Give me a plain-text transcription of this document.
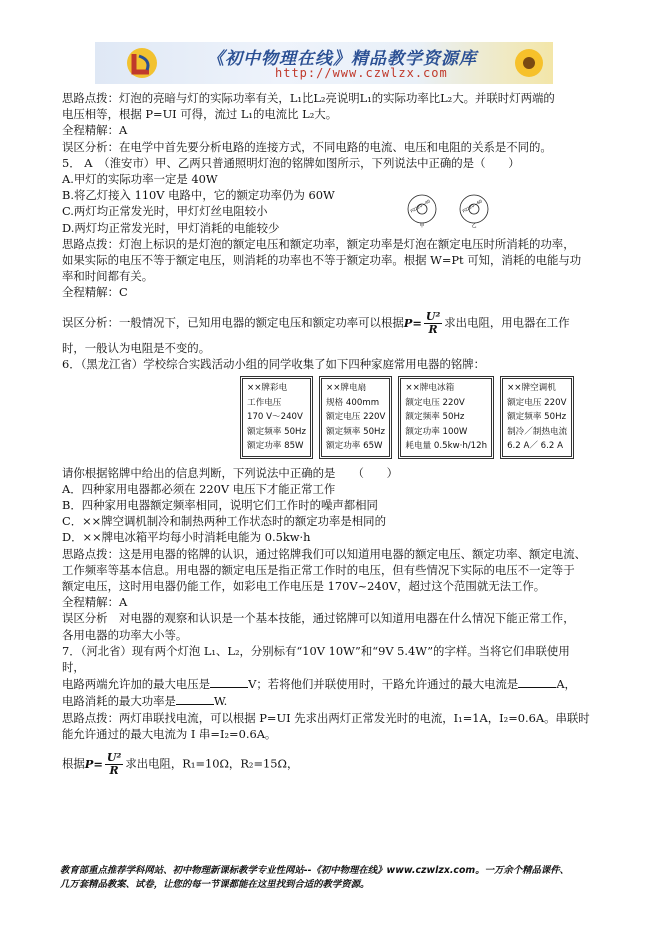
《初中物理在线》精品教学资源库
http://www.czwlzx.com
PZ220—40
甲
PZ220—60
乙

思路点拨：灯泡的亮暗与灯的实际功率有关，L₁比L₂亮说明L₁的实际功率比L₂大。并联时灯两端的

电压相等，根据 P=UI 可得，流过 L₁的电流比 L₂大。

全程精解：A

误区分析：在电学中首先要分析电路的连接方式，不同电路的电流、电压和电阻的关系是不同的。

5． A　（淮安市）甲、乙两只普通照明灯泡的铭牌如图所示，下列说法中正确的是（　　）

A.甲灯的实际功率一定是 40W

B.将乙灯接入 110V 电路中，它的额定功率仍为 60W

C.两灯均正常发光时，甲灯灯丝电阻较小

D.两灯均正常发光时，甲灯消耗的电能较少

思路点拨：灯泡上标识的是灯泡的额定电压和额定功率，额定功率是灯泡在额定电压时所消耗的功率，

如果实际的电压不等于额定电压，则消耗的功率也不等于额定功率。根据 W=Pt 可知，消耗的电能与功

率和时间都有关。

全程精解：C

误区分析：一般情况下，已知用电器的额定电压和额定功率可以根据 $P = \frac{\text{U²}}{R}$ 求出电阻，用电器在工作

时，一般认为电阻是不变的。

6．（黑龙江省）学校综合实践活动小组的同学收集了如下四种家庭常用电器的铭牌：

××牌彩电
工作电压
170 V～240V
额定频率 50Hz
额定功率 85W
××牌电扇
规格 400mm
额定电压 220V
额定频率 50Hz
额定功率 65W
××牌电冰箱
额定电压 220V
额定频率 50Hz
额定功率 100W
耗电量 0.5kw·h/12h
××牌空调机
额定电压 220V
额定频率 50Hz
制冷／制热电流
6.2 A／ 6.2 A

请你根据铭牌中给出的信息判断，下列说法中正确的是　　（　　）

A．四种家用电器都必须在 220V 电压下才能正常工作

B．四种家用电器额定频率相同，说明它们工作时的噪声都相同

C．××牌空调机制冷和制热两种工作状态时的额定功率是相同的

D．××牌电冰箱平均每小时消耗电能为 0.5kw·h

思路点拨：这是用电器的铭牌的认识，通过铭牌我们可以知道用电器的额定电压、额定功率、额定电流、

工作频率等基本信息。用电器的额定电压是指正常工作时的电压，但有些情况下实际的电压不一定等于

额定电压，这时用电器仍能工作，如彩电工作电压是 170V~240V，超过这个范围就无法工作。

全程精解：A

误区分析　对电器的观察和认识是一个基本技能，通过铭牌可以知道用电器在什么情况下能正常工作，

各用电器的功率大小等。

7．（河北省）现有两个灯泡 L₁、L₂，分别标有“10V 10W”和“9V 5.4W”的字样。当将它们串联使用时，

电路两端允许加的最大电压是	V；若将他们并联使用时，干路允许通过的最大电流是	A，

电路消耗的最大功率是	W.

思路点拨：两灯串联找电流，可以根据 P=UI 先求出两灯正常发光时的电流，I₁=1A，I₂=0.6A。串联时

能允许通过的最大电流为 I 串=I₂=0.6A。

根据 $P = \frac{\text{U²}}{R}$ 求出电阻，R₁=10Ω，R₂=15Ω，

教育部重点推荐学科网站、初中物理新课标教学专业性网站--《初中物理在线》www.czwlzx.com。一万余个精品课件、
几万套精品教案、试卷，让您的每一节课都能在这里找到合适的教学资源。
